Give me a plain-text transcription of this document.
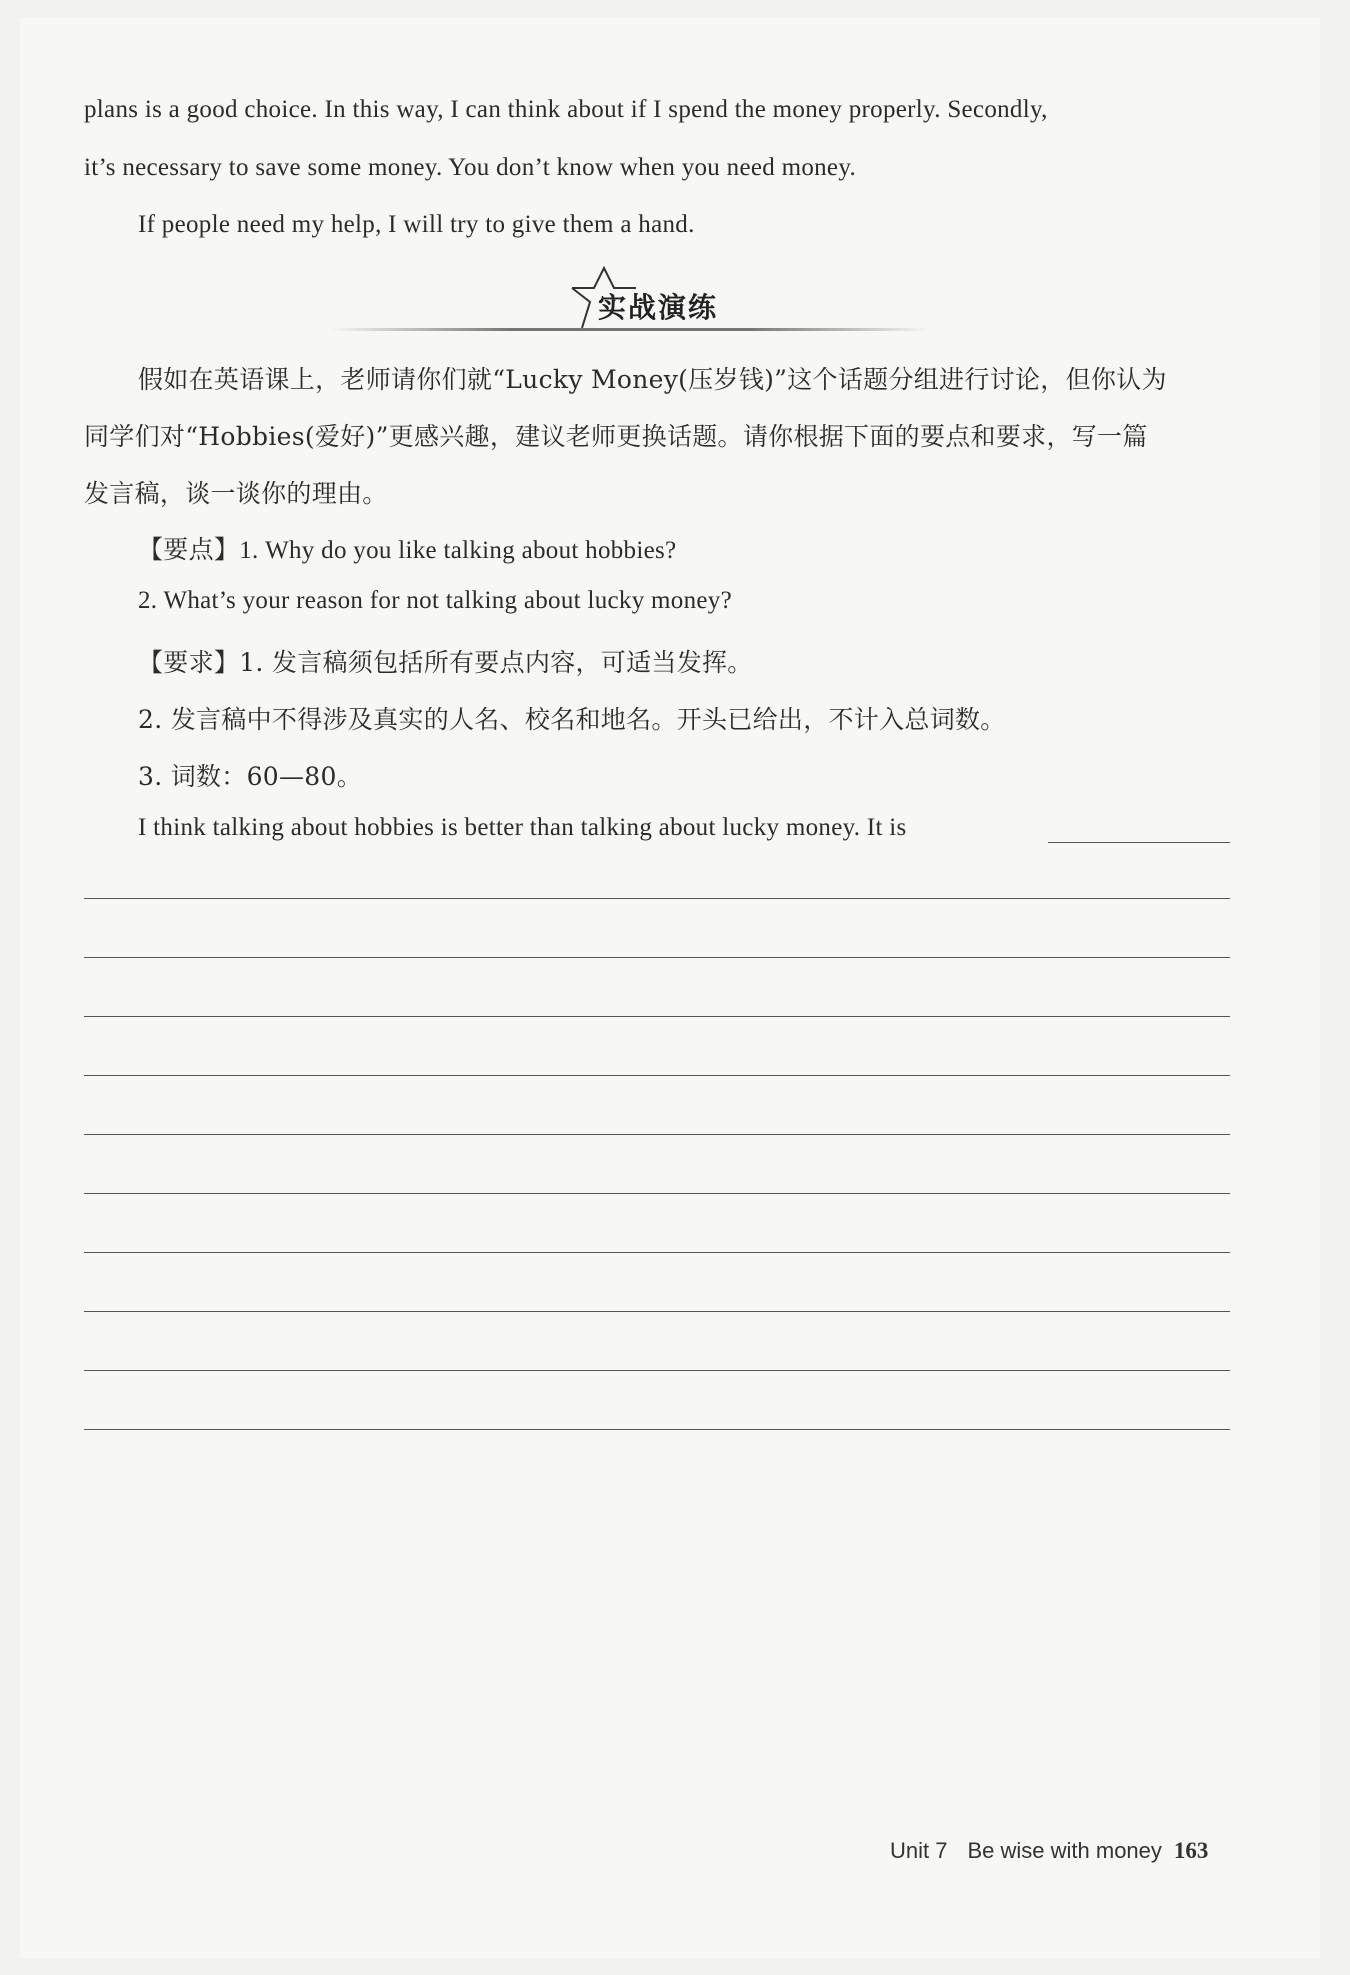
plans is a good choice. In this way, I can think about if I spend the money properly. Secondly,
it’s necessary to save some money. You don’t know when you need money.
If people need my help, I will try to give them a hand.
实战演练
假如在英语课上，老师请你们就“Lucky Money(压岁钱)”这个话题分组进行讨论，但你认为
同学们对“Hobbies(爱好)”更感兴趣，建议老师更换话题。请你根据下面的要点和要求，写一篇
发言稿，谈一谈你的理由。
【要点】1. Why do you like talking about hobbies?
2. What’s your reason for not talking about lucky money?
【要求】1. 发言稿须包括所有要点内容，可适当发挥。
2. 发言稿中不得涉及真实的人名、校名和地名。开头已给出，不计入总词数。
3. 词数：60—80。
I think talking about hobbies is better than talking about lucky money. It is
Unit 7 Be wise with money 163
